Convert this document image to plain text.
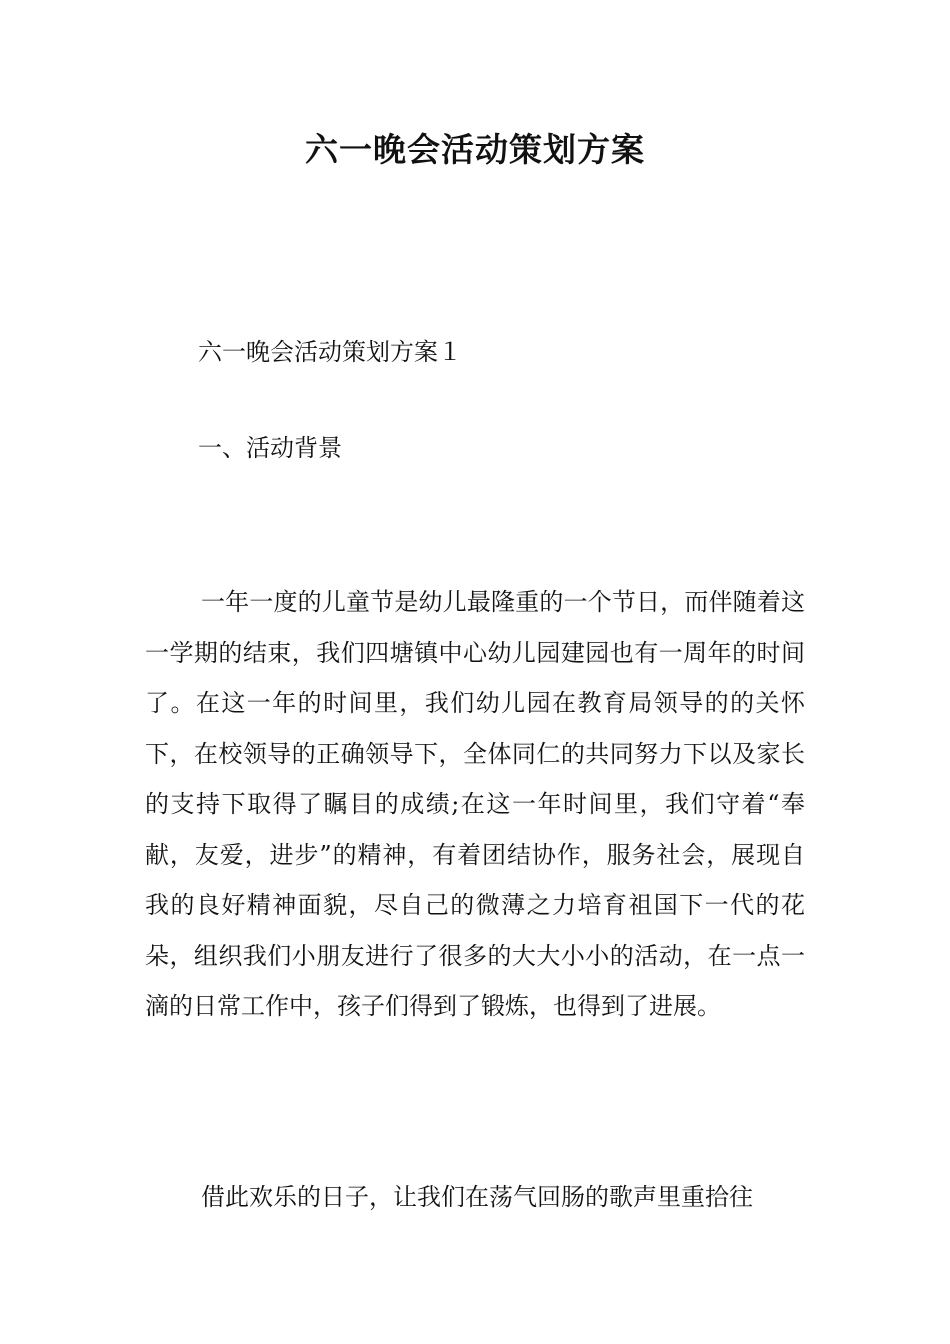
六一晚会活动策划方案
六一晚会活动策划方案１
一、活动背景

一年一度的儿童节是幼儿最隆重的一个节日，而伴随着这一学期的结束，我们四塘镇中心幼儿园建园也有一周年的时间了。在这一年的时间里，我们幼儿园在教育局领导的的关怀下，在校领导的正确领导下，全体同仁的共同努力下以及家长的支持下取得了瞩目的成绩;在这一年时间里，我们守着“奉献，友爱，进步”的精神，有着团结协作，服务社会，展现自我的良好精神面貌，尽自己的微薄之力培育祖国下一代的花朵，组织我们小朋友进行了很多的大大小小的活动，在一点一滴的日常工作中，孩子们得到了锻炼，也得到了进展。

借此欢乐的日子，让我们在荡气回肠的歌声里重拾往
